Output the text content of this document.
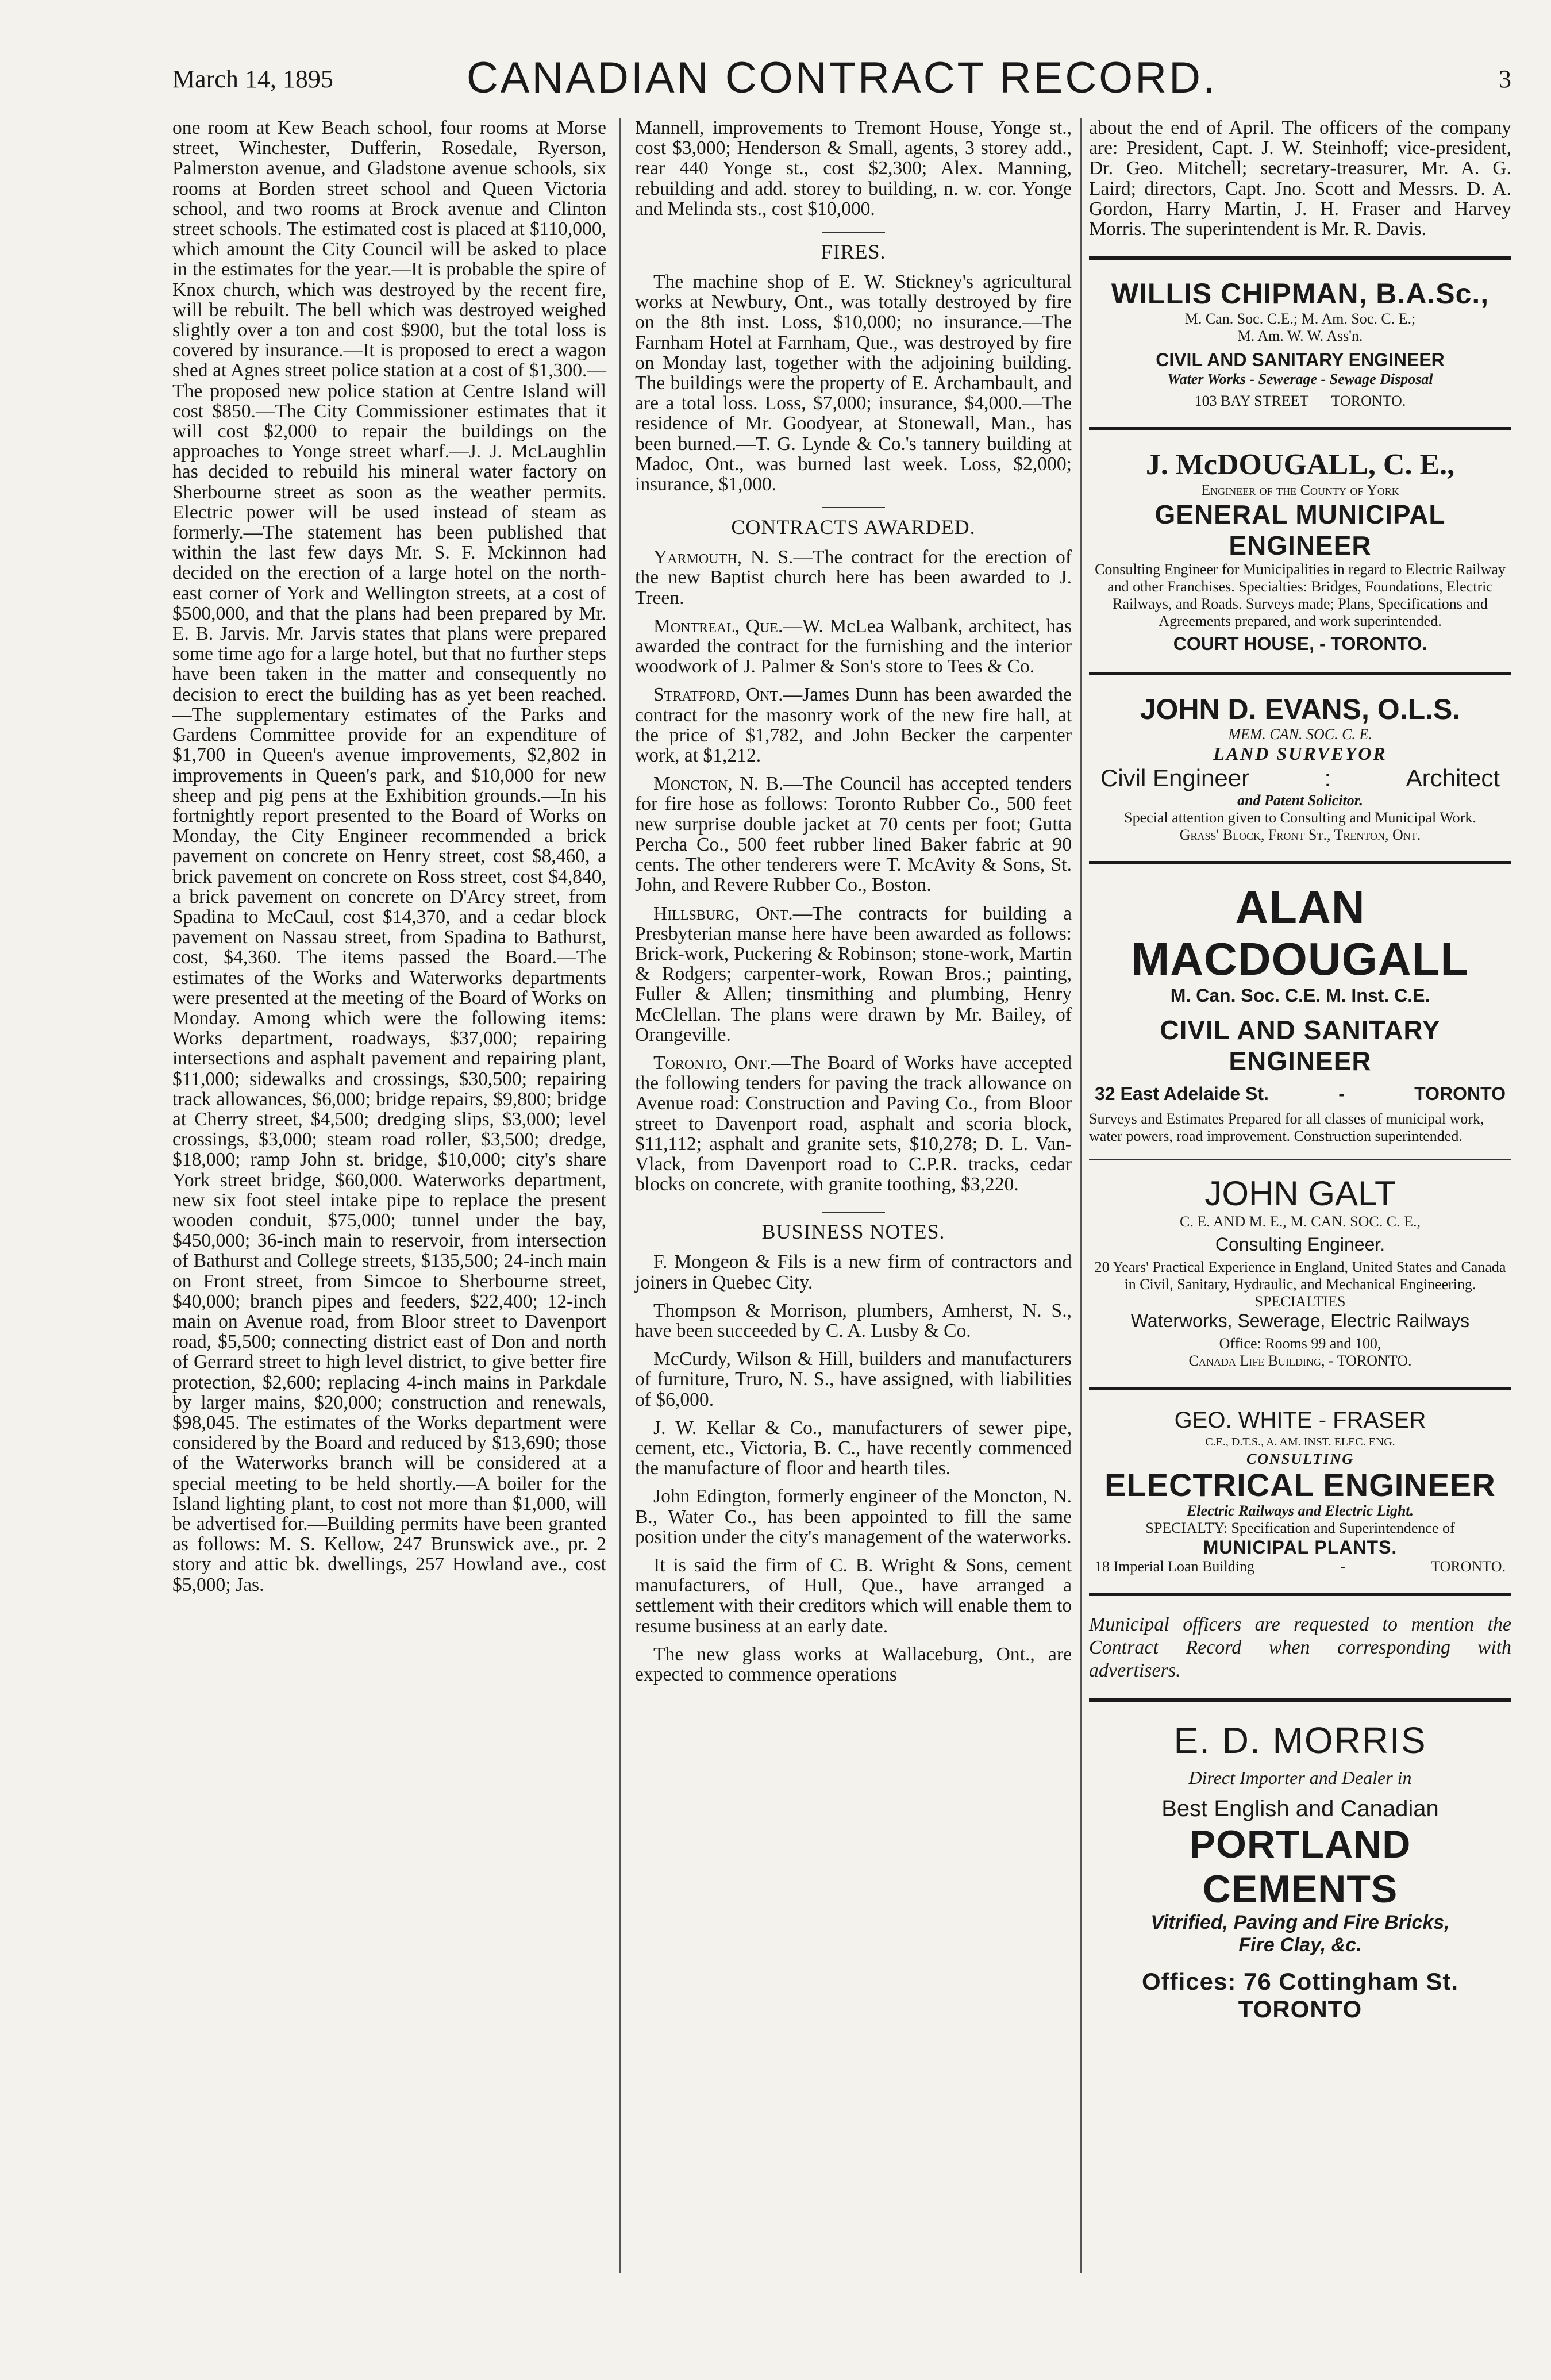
March 14, 1895	CANADIAN CONTRACT RECORD.	3

one room at Kew Beach school, four rooms at Morse street, Winchester, Dufferin, Rosedale, Ryerson, Palmerston avenue, and Gladstone avenue schools, six rooms at Borden street school and Queen Victoria school, and two rooms at Brock avenue and Clinton street schools. The estimated cost is placed at $110,000, which amount the City Council will be asked to place in the estimates for the year.—It is probable the spire of Knox church, which was destroyed by the recent fire, will be rebuilt. The bell which was destroyed weighed slightly over a ton and cost $900, but the total loss is covered by insurance.—It is proposed to erect a wagon shed at Agnes street police station at a cost of $1,300.—The proposed new police station at Centre Island will cost $850.—The City Commissioner estimates that it will cost $2,000 to repair the buildings on the approaches to Yonge street wharf.—J. J. McLaughlin has decided to rebuild his mineral water factory on Sherbourne street as soon as the weather permits. Electric power will be used instead of steam as formerly.—The statement has been published that within the last few days Mr. S. F. Mckinnon had decided on the erection of a large hotel on the north-east corner of York and Wellington streets, at a cost of $500,000, and that the plans had been prepared by Mr. E. B. Jarvis. Mr. Jarvis states that plans were prepared some time ago for a large hotel, but that no further steps have been taken in the matter and consequently no decision to erect the building has as yet been reached.—The supplementary estimates of the Parks and Gardens Committee provide for an expenditure of $1,700 in Queen's avenue improvements, $2,802 in improvements in Queen's park, and $10,000 for new sheep and pig pens at the Exhibition grounds.—In his fortnightly report presented to the Board of Works on Monday, the City Engineer recommended a brick pavement on concrete on Henry street, cost $8,460, a brick pavement on concrete on Ross street, cost $4,840, a brick pavement on concrete on D'Arcy street, from Spadina to McCaul, cost $14,370, and a cedar block pavement on Nassau street, from Spadina to Bathurst, cost, $4,360. The items passed the Board.—The estimates of the Works and Waterworks departments were presented at the meeting of the Board of Works on Monday. Among which were the following items: Works department, roadways, $37,000; repairing intersections and asphalt pavement and repairing plant, $11,000; sidewalks and crossings, $30,500; repairing track allowances, $6,000; bridge repairs, $9,800; bridge at Cherry street, $4,500; dredging slips, $3,000; level crossings, $3,000; steam road roller, $3,500; dredge, $18,000; ramp John st. bridge, $10,000; city's share York street bridge, $60,000. Waterworks department, new six foot steel intake pipe to replace the present wooden conduit, $75,000; tunnel under the bay, $450,000; 36-inch main to reservoir, from intersection of Bathurst and College streets, $135,500; 24-inch main on Front street, from Simcoe to Sherbourne street, $40,000; branch pipes and feeders, $22,400; 12-inch main on Avenue road, from Bloor street to Davenport road, $5,500; connecting district east of Don and north of Gerrard street to high level district, to give better fire protection, $2,600; replacing 4-inch mains in Parkdale by larger mains, $20,000; construction and renewals, $98,045. The estimates of the Works department were considered by the Board and reduced by $13,690; those of the Waterworks branch will be considered at a special meeting to be held shortly.—A boiler for the Island lighting plant, to cost not more than $1,000, will be advertised for.—Building permits have been granted as follows: M. S. Kellow, 247 Brunswick ave., pr. 2 story and attic bk. dwellings, 257 Howland ave., cost $5,000; Jas.

Mannell, improvements to Tremont House, Yonge st., cost $3,000; Henderson & Small, agents, 3 storey add., rear 440 Yonge st., cost $2,300; Alex. Manning, rebuilding and add. storey to building, n. w. cor. Yonge and Melinda sts., cost $10,000.

FIRES.

The machine shop of E. W. Stickney's agricultural works at Newbury, Ont., was totally destroyed by fire on the 8th inst. Loss, $10,000; no insurance.—The Farnham Hotel at Farnham, Que., was destroyed by fire on Monday last, together with the adjoining building. The buildings were the property of E. Archambault, and are a total loss. Loss, $7,000; insurance, $4,000.—The residence of Mr. Goodyear, at Stonewall, Man., has been burned.—T. G. Lynde & Co.'s tannery building at Madoc, Ont., was burned last week. Loss, $2,000; insurance, $1,000.

CONTRACTS AWARDED.

Yarmouth, N. S.—The contract for the erection of the new Baptist church here has been awarded to J. Treen.

Montreal, Que.—W. McLea Walbank, architect, has awarded the contract for the furnishing and the interior woodwork of J. Palmer & Son's store to Tees & Co.

Stratford, Ont.—James Dunn has been awarded the contract for the masonry work of the new fire hall, at the price of $1,782, and John Becker the carpenter work, at $1,212.

Moncton, N. B.—The Council has accepted tenders for fire hose as follows: Toronto Rubber Co., 500 feet new surprise double jacket at 70 cents per foot; Gutta Percha Co., 500 feet rubber lined Baker fabric at 90 cents. The other tenderers were T. McAvity & Sons, St. John, and Revere Rubber Co., Boston.

Hillsburg, Ont.—The contracts for building a Presbyterian manse here have been awarded as follows: Brick-work, Puckering & Robinson; stone-work, Martin & Rodgers; carpenter-work, Rowan Bros.; painting, Fuller & Allen; tinsmithing and plumbing, Henry McClellan. The plans were drawn by Mr. Bailey, of Orangeville.

Toronto, Ont.—The Board of Works have accepted the following tenders for paving the track allowance on Avenue road: Construction and Paving Co., from Bloor street to Davenport road, asphalt and scoria block, $11,112; asphalt and granite sets, $10,278; D. L. Van-Vlack, from Davenport road to C.P.R. tracks, cedar blocks on concrete, with granite toothing, $3,220.

BUSINESS NOTES.

F. Mongeon & Fils is a new firm of contractors and joiners in Quebec City.

Thompson & Morrison, plumbers, Amherst, N. S., have been succeeded by C. A. Lusby & Co.

McCurdy, Wilson & Hill, builders and manufacturers of furniture, Truro, N. S., have assigned, with liabilities of $6,000.

J. W. Kellar & Co., manufacturers of sewer pipe, cement, etc., Victoria, B. C., have recently commenced the manufacture of floor and hearth tiles.

John Edington, formerly engineer of the Moncton, N. B., Water Co., has been appointed to fill the same position under the city's management of the waterworks.

It is said the firm of C. B. Wright & Sons, cement manufacturers, of Hull, Que., have arranged a settlement with their creditors which will enable them to resume business at an early date.

The new glass works at Wallaceburg, Ont., are expected to commence operations

about the end of April. The officers of the company are: President, Capt. J. W. Steinhoff; vice-president, Dr. Geo. Mitchell; secretary-treasurer, Mr. A. G. Laird; directors, Capt. Jno. Scott and Messrs. D. A. Gordon, Harry Martin, J. H. Fraser and Harvey Morris. The superintendent is Mr. R. Davis.

WILLIS CHIPMAN, B.A.Sc.,
M. Can. Soc. C.E.; M. Am. Soc. C. E.;
M. Am. W. W. Ass'n.
CIVIL AND SANITARY ENGINEER
Water Works - Sewerage - Sewage Disposal
103 BAY STREET TORONTO.
J. McDOUGALL, C. E.,
Engineer of the County of York
GENERAL MUNICIPAL ENGINEER
Consulting Engineer for Municipalities in regard to Electric Railway and other Franchises. Specialties: Bridges, Foundations, Electric Railways, and Roads. Surveys made; Plans, Specifications and Agreements prepared, and work superintended.
COURT HOUSE, - TORONTO.
JOHN D. EVANS, O.L.S.
MEM. CAN. SOC. C. E.
LAND SURVEYOR
Civil Engineer	:	Architect
and Patent Solicitor.
Special attention given to Consulting and Municipal Work.
Grass' Block, Front St., Trenton, Ont.
ALAN MACDOUGALL
M. Can. Soc. C.E. M. Inst. C.E.
CIVIL AND SANITARY ENGINEER
32 East Adelaide St.	-	TORONTO
Surveys and Estimates Prepared for all classes of municipal work, water powers, road improvement. Construction superintended.
JOHN GALT
C. E. AND M. E., M. CAN. SOC. C. E.,
Consulting Engineer.
20 Years' Practical Experience in England, United States and Canada in Civil, Sanitary, Hydraulic, and Mechanical Engineering.
SPECIALTIES
Waterworks, Sewerage, Electric Railways
Office: Rooms 99 and 100,
Canada Life Building, - TORONTO.
GEO. WHITE - FRASER
C.E., D.T.S., A. AM. INST. ELEC. ENG.
CONSULTING
ELECTRICAL ENGINEER
Electric Railways and Electric Light.
SPECIALTY: Specification and Superintendence of
MUNICIPAL PLANTS.
18 Imperial Loan Building	-	TORONTO.

Municipal officers are requested to mention the Contract Record when corresponding with advertisers.

E. D. MORRIS
Direct Importer and Dealer in
Best English and Canadian
PORTLAND CEMENTS
Vitrified, Paving and Fire Bricks,
Fire Clay, &c.
Offices: 76 Cottingham St. TORONTO
